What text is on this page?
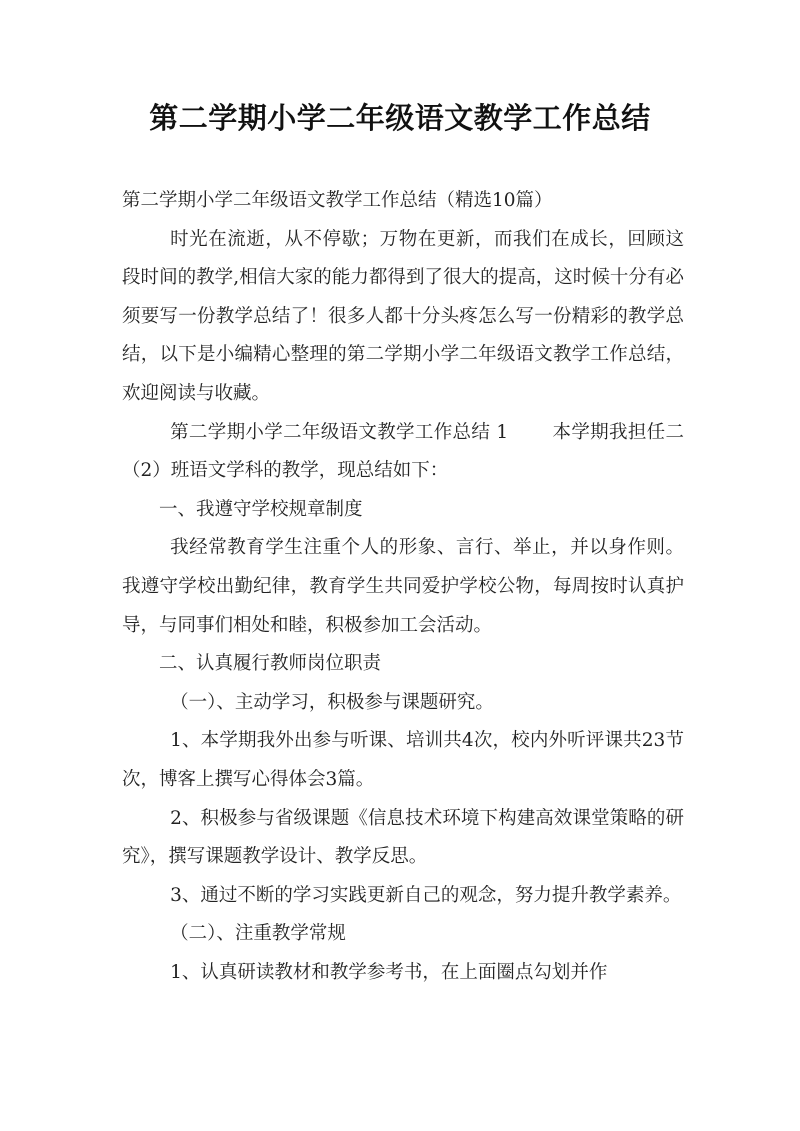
第二学期小学二年级语文教学工作总结

第二学期小学二年级语文教学工作总结（精选10篇）

时光在流逝，从不停歇；万物在更新，而我们在成长，回顾这段时间的教学,相信大家的能力都得到了很大的提高，这时候十分有必须要写一份教学总结了！很多人都十分头疼怎么写一份精彩的教学总结，以下是小编精心整理的第二学期小学二年级语文教学工作总结，欢迎阅读与收藏。

第二学期小学二年级语文教学工作总结 1 本学期我担任二（2）班语文学科的教学，现总结如下：

一、我遵守学校规章制度

我经常教育学生注重个人的形象、言行、举止，并以身作则。我遵守学校出勤纪律，教育学生共同爱护学校公物，每周按时认真护导，与同事们相处和睦，积极参加工会活动。

二、认真履行教师岗位职责

（一）、主动学习，积极参与课题研究。

1、本学期我外出参与听课、培训共4次，校内外听评课共23节次，博客上撰写心得体会3篇。

2、积极参与省级课题《信息技术环境下构建高效课堂策略的研究》，撰写课题教学设计、教学反思。

3、通过不断的学习实践更新自己的观念，努力提升教学素养。

（二）、注重教学常规

1、认真研读教材和教学参考书，在上面圈点勾划并作
